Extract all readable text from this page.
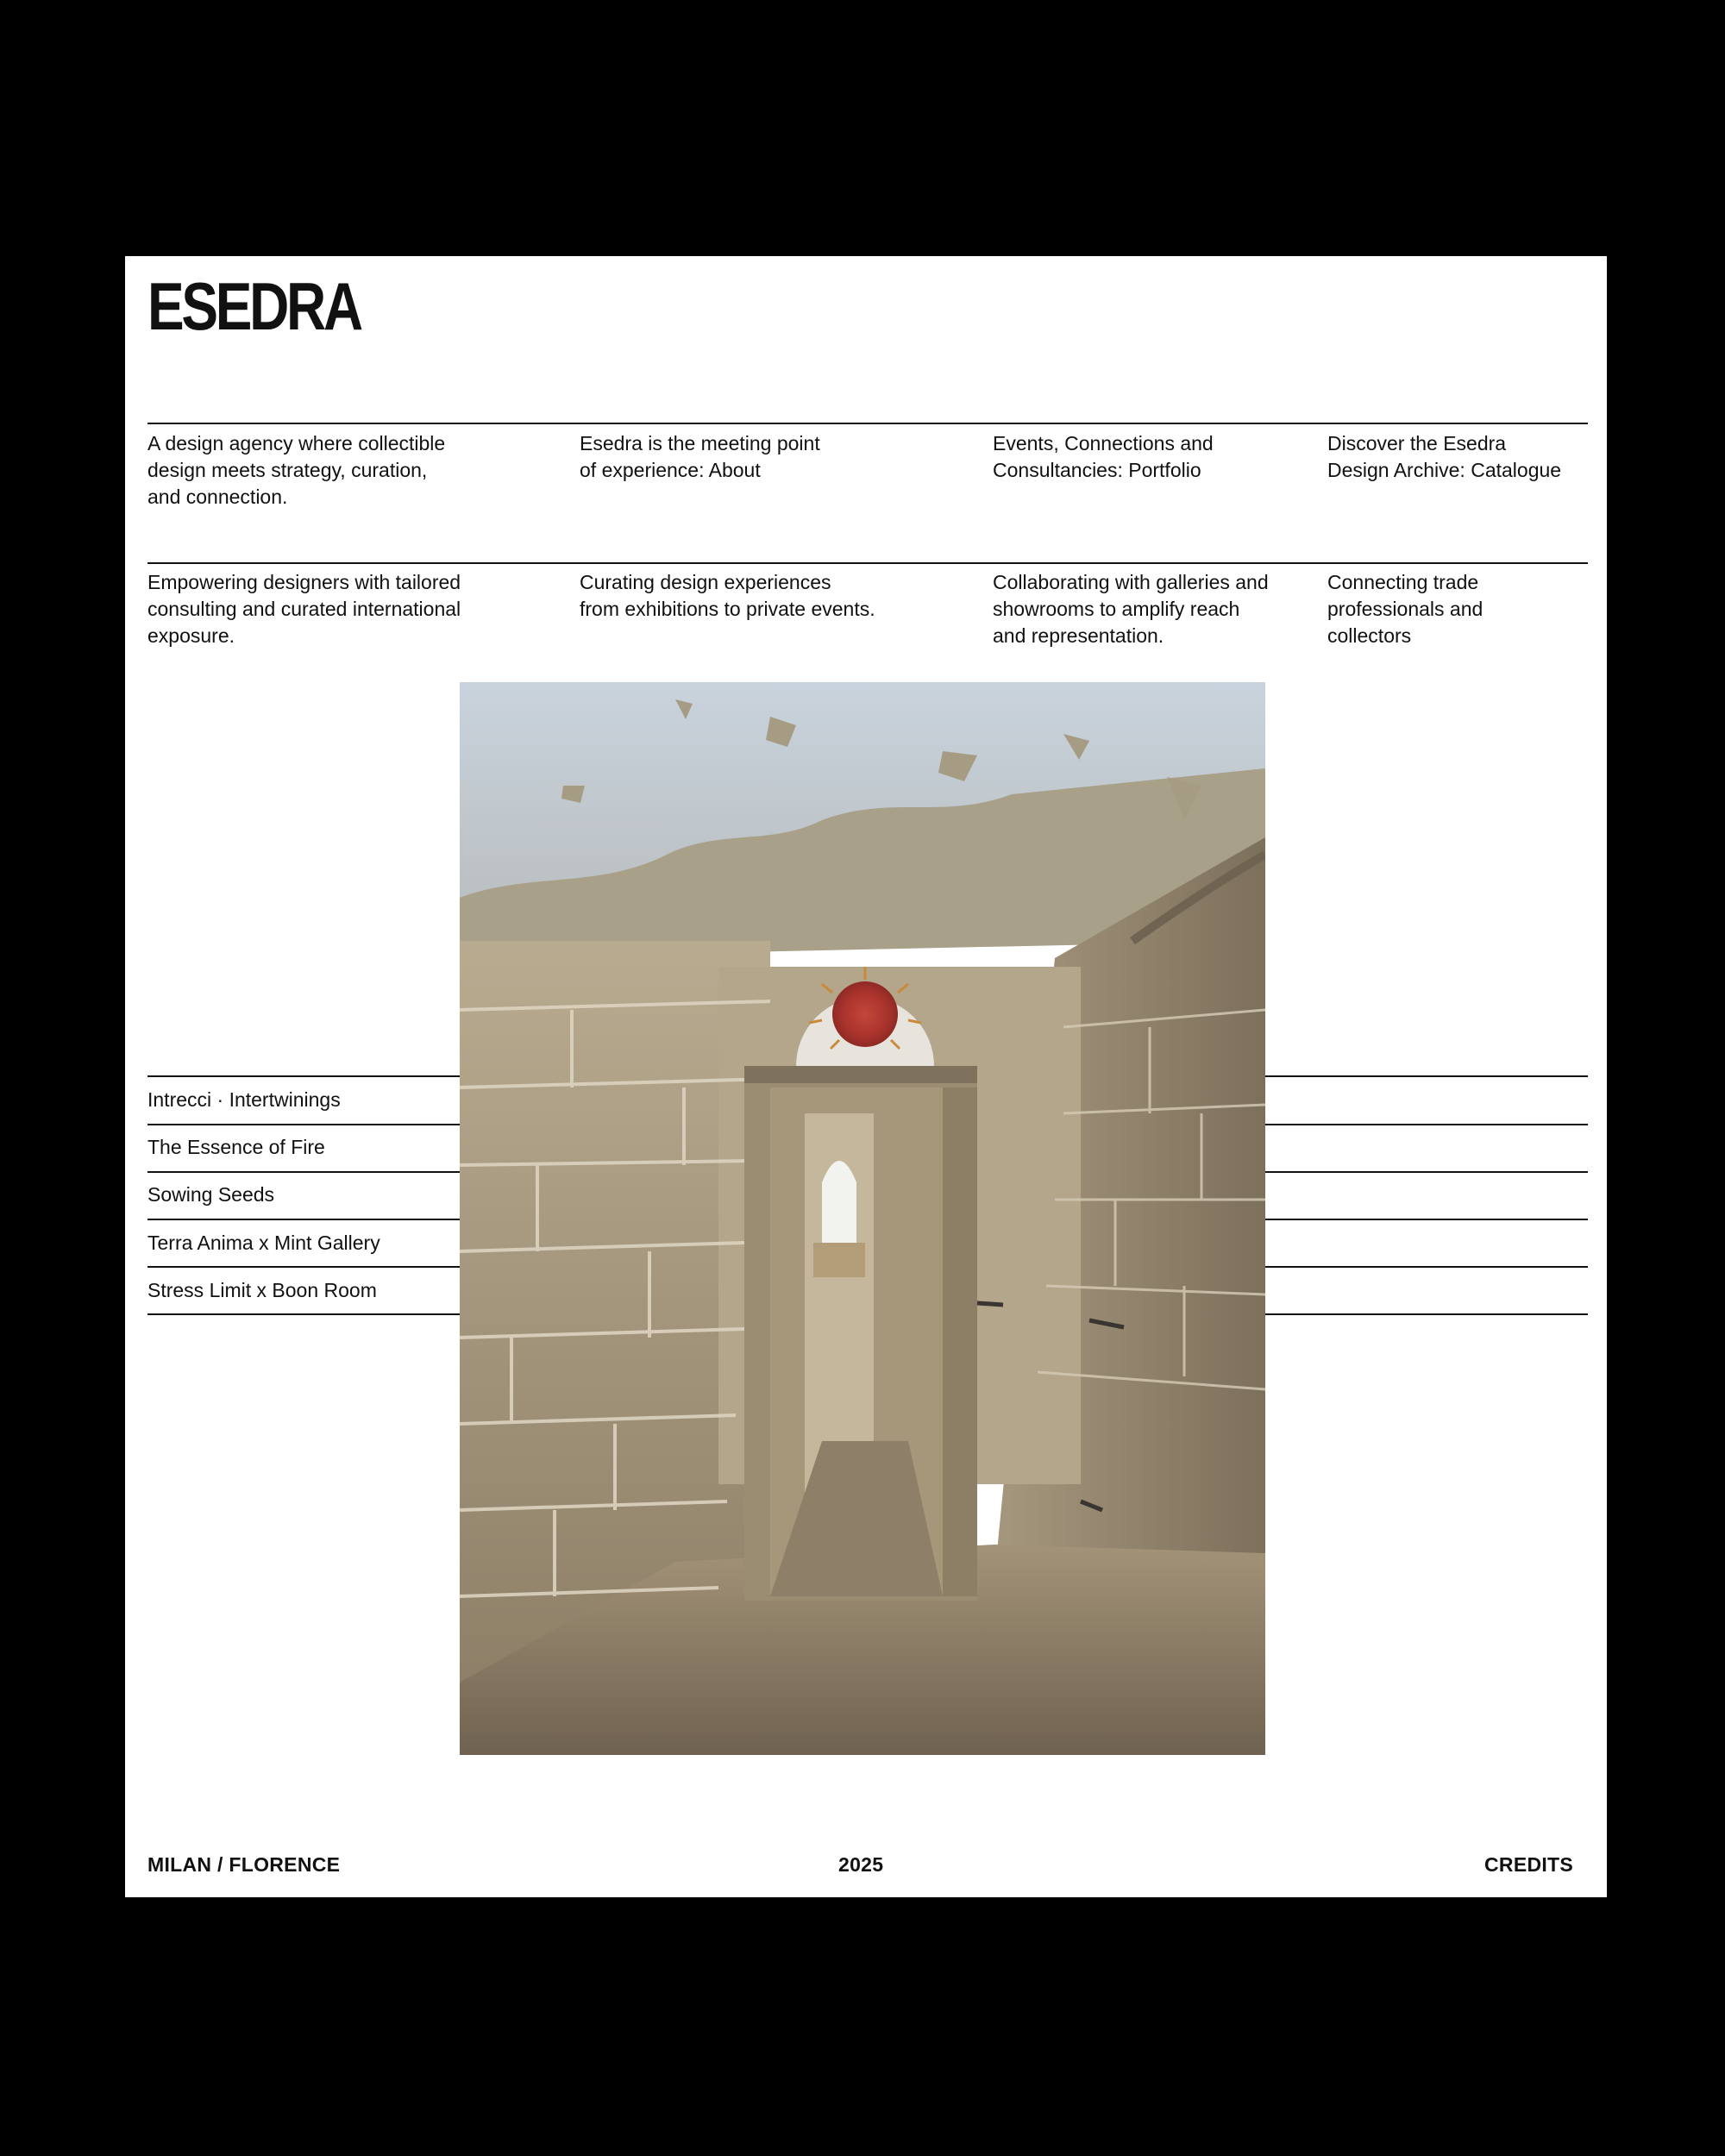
ESEDRA
A design agency where collectible
design meets strategy, curation,
and connection.
Esedra is the meeting point
of experience: About
Events, Connections and
Consultancies: Portfolio
Discover the Esedra
Design Archive: Catalogue
Empowering designers with tailored
consulting and curated international
exposure.
Curating design experiences
from exhibitions to private events.
Collaborating with galleries and
showrooms to amplify reach
and representation.
Connecting trade
professionals and
collectors
Intrecci · Intertwinings
The Essence of Fire
Sowing Seeds
Terra Anima x Mint Gallery
Stress Limit x Boon Room
MILAN / FLORENCE	2025	CREDITS
